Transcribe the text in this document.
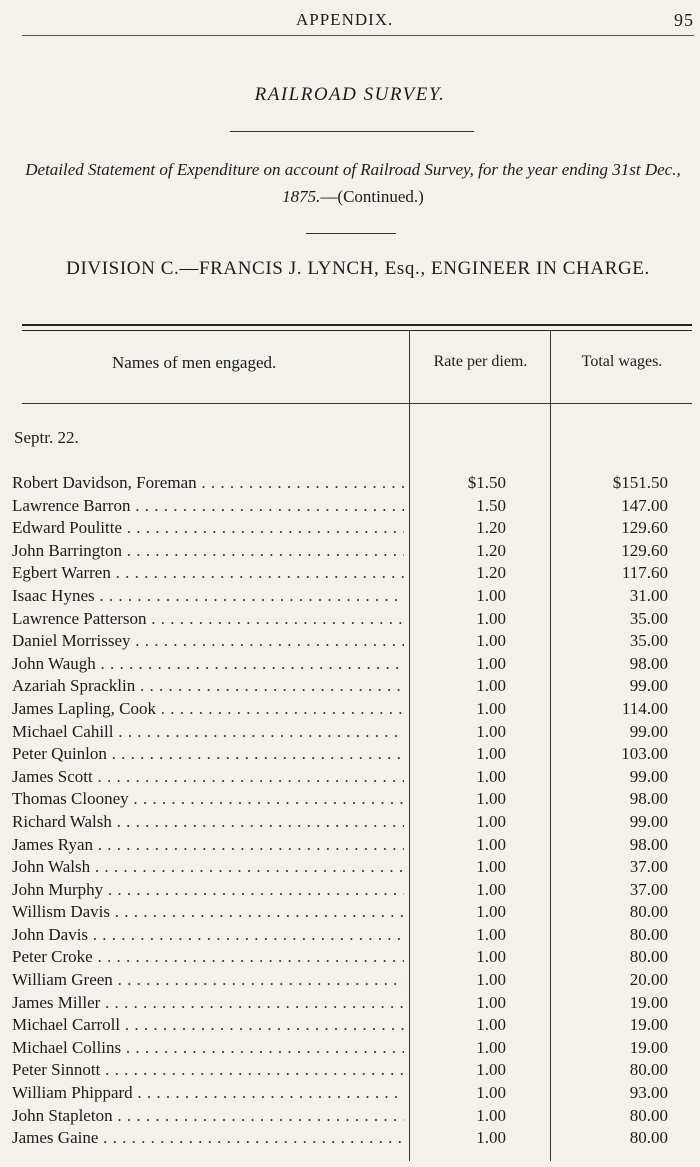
APPENDIX.	95
RAILROAD SURVEY.
Detailed Statement of Expenditure on account of Railroad Survey, for the year ending 31st Dec., 1875.—(Continued.)
DIVISION C.—FRANCIS J. LYNCH, Esq., ENGINEER IN CHARGE.
Names of men engaged.	Rate per diem.	Total wages.
Septr. 22.
Robert Davidson, Foreman . . .	$1.50	$151.50
Lawrence Barron . . .	1.50	147.00
Edward Poulitte . . .	1.20	129.60
John Barrington . . .	1.20	129.60
Egbert Warren . . .	1.20	117.60
Isaac Hynes . . .	1.00	31.00
Lawrence Patterson . . .	1.00	35.00
Daniel Morrissey . . .	1.00	35.00
John Waugh . . .	1.00	98.00
Azariah Spracklin . . .	1.00	99.00
James Lapling, Cook . . .	1.00	114.00
Michael Cahill . . .	1.00	99.00
Peter Quinlon . . .	1.00	103.00
James Scott . . .	1.00	99.00
Thomas Clooney . . .	1.00	98.00
Richard Walsh . . .	1.00	99.00
James Ryan . . .	1.00	98.00
John Walsh . . .	1.00	37.00
John Murphy . . .	1.00	37.00
Willism Davis . . .	1.00	80.00
John Davis . . .	1.00	80.00
Peter Croke . . .	1.00	80.00
William Green . . .	1.00	20.00
James Miller . . .	1.00	19.00
Michael Carroll . . .	1.00	19.00
Michael Collins . . .	1.00	19.00
Peter Sinnott . . .	1.00	80.00
William Phippard . . .	1.00	93.00
John Stapleton . . .	1.00	80.00
James Gaine . . .	1.00	80.00
